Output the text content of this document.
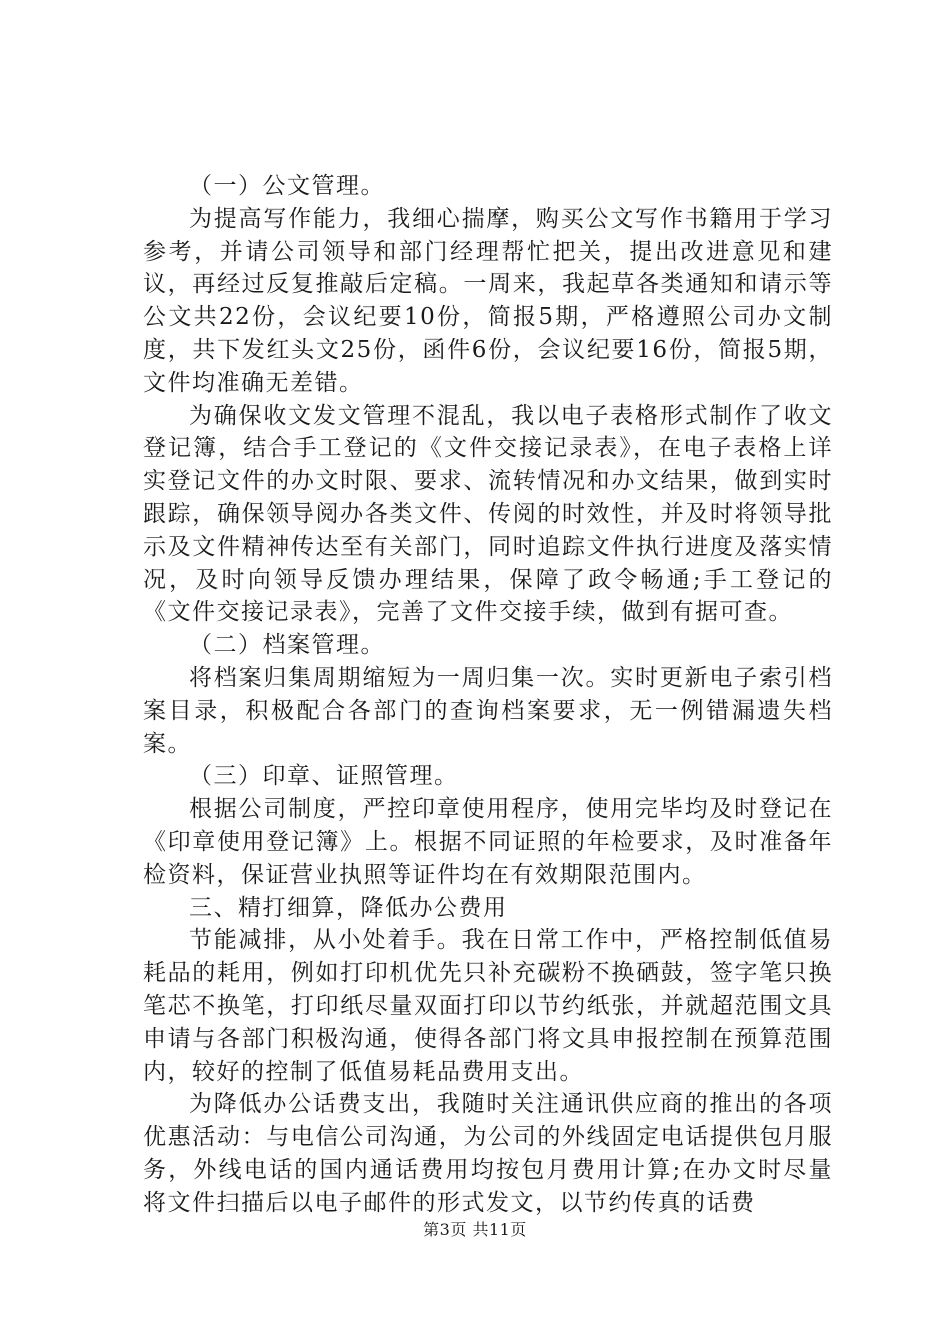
（一）公文管理。

为提高写作能力，我细心揣摩，购买公文写作书籍用于学习参考，并请公司领导和部门经理帮忙把关，提出改进意见和建议，再经过反复推敲后定稿。一周来，我起草各类通知和请示等公文共22份，会议纪要10份，简报5期，严格遵照公司办文制度，共下发红头文25份，函件6份，会议纪要16份，简报5期，文件均准确无差错。

为确保收文发文管理不混乱，我以电子表格形式制作了收文登记簿，结合手工登记的《文件交接记录表》，在电子表格上详实登记文件的办文时限、要求、流转情况和办文结果，做到实时跟踪，确保领导阅办各类文件、传阅的时效性，并及时将领导批示及文件精神传达至有关部门，同时追踪文件执行进度及落实情况，及时向领导反馈办理结果，保障了政令畅通;手工登记的《文件交接记录表》，完善了文件交接手续，做到有据可查。

（二）档案管理。

将档案归集周期缩短为一周归集一次。实时更新电子索引档案目录，积极配合各部门的查询档案要求，无一例错漏遗失档案。

（三）印章、证照管理。

根据公司制度，严控印章使用程序，使用完毕均及时登记在《印章使用登记簿》上。根据不同证照的年检要求，及时准备年检资料，保证营业执照等证件均在有效期限范围内。

三、精打细算，降低办公费用

节能减排，从小处着手。我在日常工作中，严格控制低值易耗品的耗用，例如打印机优先只补充碳粉不换硒鼓，签字笔只换笔芯不换笔，打印纸尽量双面打印以节约纸张，并就超范围文具申请与各部门积极沟通，使得各部门将文具申报控制在预算范围内，较好的控制了低值易耗品费用支出。

为降低办公话费支出，我随时关注通讯供应商的推出的各项优惠活动：与电信公司沟通，为公司的外线固定电话提供包月服务，外线电话的国内通话费用均按包月费用计算;在办文时尽量将文件扫描后以电子邮件的形式发文，以节约传真的话费

第3页 共11页
